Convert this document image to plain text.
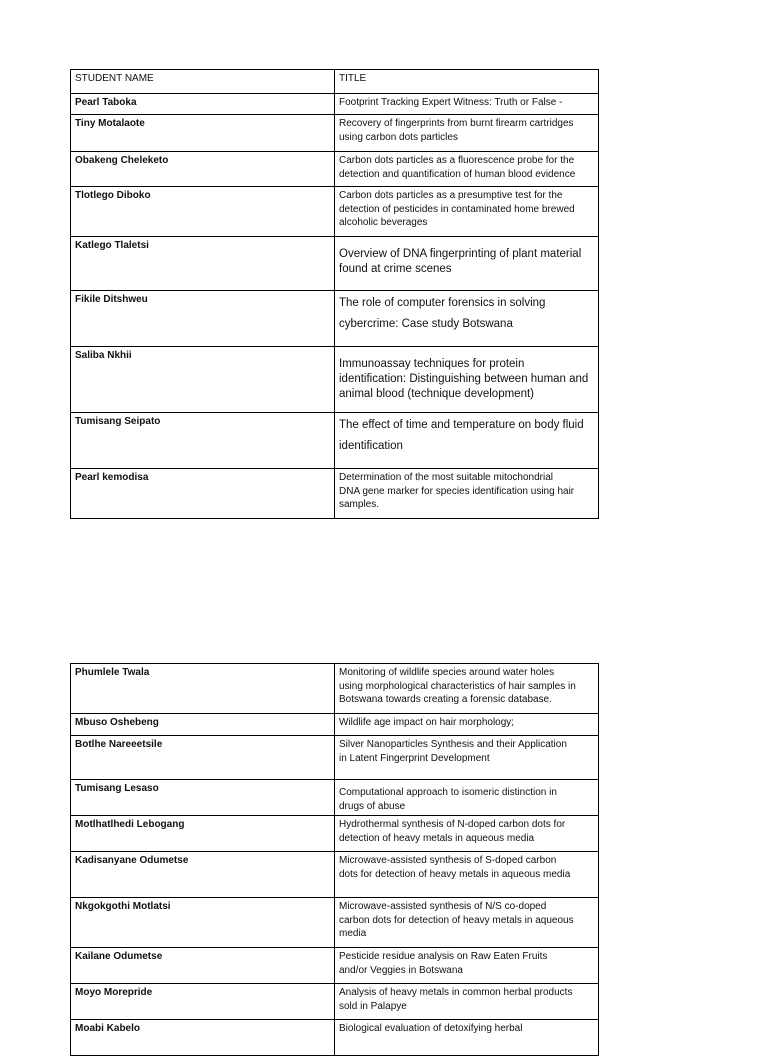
STUDENT NAME	TITLE
Pearl Taboka	Footprint Tracking Expert Witness: Truth or False -
Tiny Motalaote	Recovery of fingerprints from burnt firearm cartridges
using carbon dots particles
Obakeng Cheleketo	Carbon dots particles as a fluorescence probe for the
detection and quantification of human blood evidence
Tlotlego Diboko	Carbon dots particles as a presumptive test for the
detection of pesticides in contaminated home brewed
alcoholic beverages
Katlego Tlaletsi	Overview of DNA fingerprinting of plant material
found at crime scenes
Fikile Ditshweu	The role of computer forensics in solving
cybercrime: Case study Botswana
Saliba Nkhii	Immunoassay techniques for protein
identification: Distinguishing between human and
animal blood (technique development)
Tumisang Seipato	The effect of time and temperature on body fluid
identification
Pearl kemodisa	Determination of the most suitable mitochondrial
DNA gene marker for species identification using hair
samples.
Phumlele Twala	Monitoring of wildlife species around water holes
using morphological characteristics of hair samples in
Botswana towards creating a forensic database.
Mbuso Oshebeng	Wildlife age impact on hair morphology;
Botlhe Nareeetsile	Silver Nanoparticles Synthesis and their Application
in Latent Fingerprint Development
Tumisang Lesaso	Computational approach to isomeric distinction in
drugs of abuse
Motlhatlhedi Lebogang	Hydrothermal synthesis of N-doped carbon dots for
detection of heavy metals in aqueous media
Kadisanyane Odumetse	Microwave-assisted synthesis of S-doped carbon
dots for detection of heavy metals in aqueous media
Nkgokgothi Motlatsi	Microwave-assisted synthesis of N/S co-doped
carbon dots for detection of heavy metals in aqueous
media
Kailane Odumetse	Pesticide residue analysis on Raw Eaten Fruits
and/or Veggies in Botswana
Moyo Morepride	Analysis of heavy metals in common herbal products
sold in Palapye
Moabi Kabelo	Biological evaluation of detoxifying herbal
